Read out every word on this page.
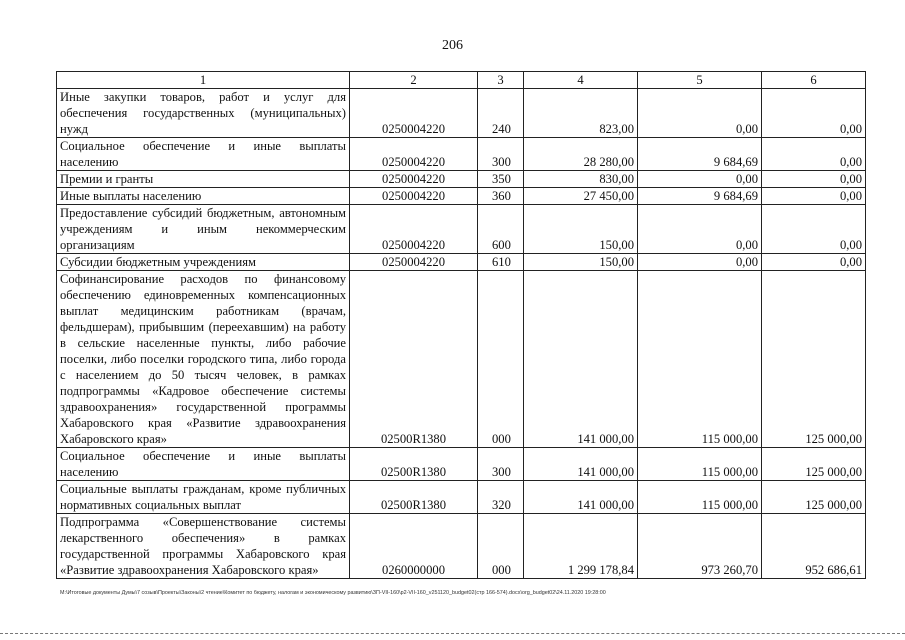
206
1	2	3	4	5	6
Иные закупки товаров, работ и услуг для обеспечения государственных (муниципальных) нужд	0250004220	240	823,00	0,00	0,00
Социальное обеспечение и иные выплаты населению	0250004220	300	28 280,00	9 684,69	0,00
Премии и гранты	0250004220	350	830,00	0,00	0,00
Иные выплаты населению	0250004220	360	27 450,00	9 684,69	0,00
Предоставление субсидий бюджетным, автономным учреждениям и иным некоммерческим организациям	0250004220	600	150,00	0,00	0,00
Субсидии бюджетным учреждениям	0250004220	610	150,00	0,00	0,00
Софинансирование расходов по финансовому обеспечению единовременных компенсационных выплат медицинским работникам (врачам, фельдшерам), прибывшим (переехавшим) на работу в сельские населенные пункты, либо рабочие поселки, либо поселки городского типа, либо города с населением до 50 тысяч человек, в рамках подпрограммы «Кадровое обеспечение системы здравоохранения» государственной программы Хабаровского края «Развитие здравоохранения Хабаровского края»	02500R1380	000	141 000,00	115 000,00	125 000,00
Социальное обеспечение и иные выплаты населению	02500R1380	300	141 000,00	115 000,00	125 000,00
Социальные выплаты гражданам, кроме публичных нормативных социальных выплат	02500R1380	320	141 000,00	115 000,00	125 000,00
Подпрограмма «Совершенствование системы лекарственного обеспечения» в рамках государственной программы Хабаровского края «Развитие здравоохранения Хабаровского края»	0260000000	000	1 299 178,84	973 260,70	952 686,61
M:\Итоговые документы Думы\7 созыв\Проекты\Законы\2 чтение\Комитет по бюджету, налогам и экономическому развитию\ЗП-VII-160\р2-VII-160_v251120_budget02(стр 166-574).docx\org_budget02\24.11.2020 19:28:00
